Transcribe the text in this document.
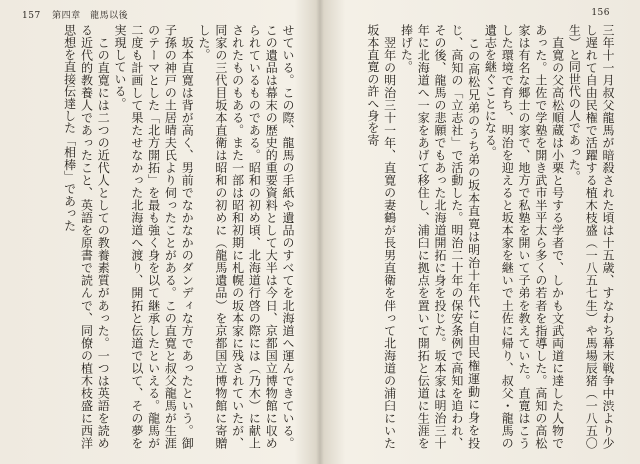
157 第四章　龍馬以後
せている。この際、龍馬の手紙や遺品のすべてを北海道へ運んできている。この遺品は幕末の歴史的重要資料として大半は今日、京都国立博物館に収められているものである。昭和の初め頃、北海道行啓の際には（乃木）に献上されたものもある。また一部は昭和初期に札幌の坂本家に残されていたが、同家の三代目坂本直衛は昭和の初めに（龍馬遺品）を京都国立博物館に寄贈した。
　坂本直寛は背が高く、男前でなかなかのダンディな方であったという。御子孫の神戸の土居晴夫氏より伺ったことがある。この直寛と叔父龍馬が生涯のテーマとした「北方開拓」を最も強く身を以て継承したといえる。龍馬が二度も計画して果たせなかった北海道へ渡り、開拓と伝道で以て、その夢を実現している。
　この直寛には二つの近代人としての教養素質があった。一つは英語を読める近代的教養人であったこと、英語を原書で読んで、同僚の植木枝盛に西洋思想を直接伝達した「相棒」であった
156
三年十一月叔父龍馬が暗殺された頃は十五歳、すなわち幕末戦争中渋より少し遅れて自由民権で活躍する植木枝盛（一八五七生）や馬場辰猪（一八五〇生）と同世代の人であった。
　直寛の父高松順蔵は小栗と号する学者で、しかも文武両道に達した人物であった。土佐で学塾を開き武市半平太ら多くの若者を指導した。高知の高松家は有名な郷士の家で、地方で私塾を開いて子弟を教えていた。直寛はこうした環境で育ち、明治を迎えると坂本家を継いで土佐に帰り、叔父・龍馬の遺志を継ぐことになる。
　この高松兄弟のうち弟の坂本直寛は明治十年代に自由民権運動に身を投じ、高知の「立志社」で活動した。明治二十年の保安条例で高知を追われ、その後、龍馬の悲願でもあった北海道開拓に身を投じた。坂本家は明治三十年に北海道へ一家をあげて移住し、浦臼に拠点を置いて開拓と伝道に生涯を捧げた。
　翌年の明治三十一年、直寛の妻鶴が長男直衛を伴って北海道の浦臼にいた坂本直寛の許へ身を寄
